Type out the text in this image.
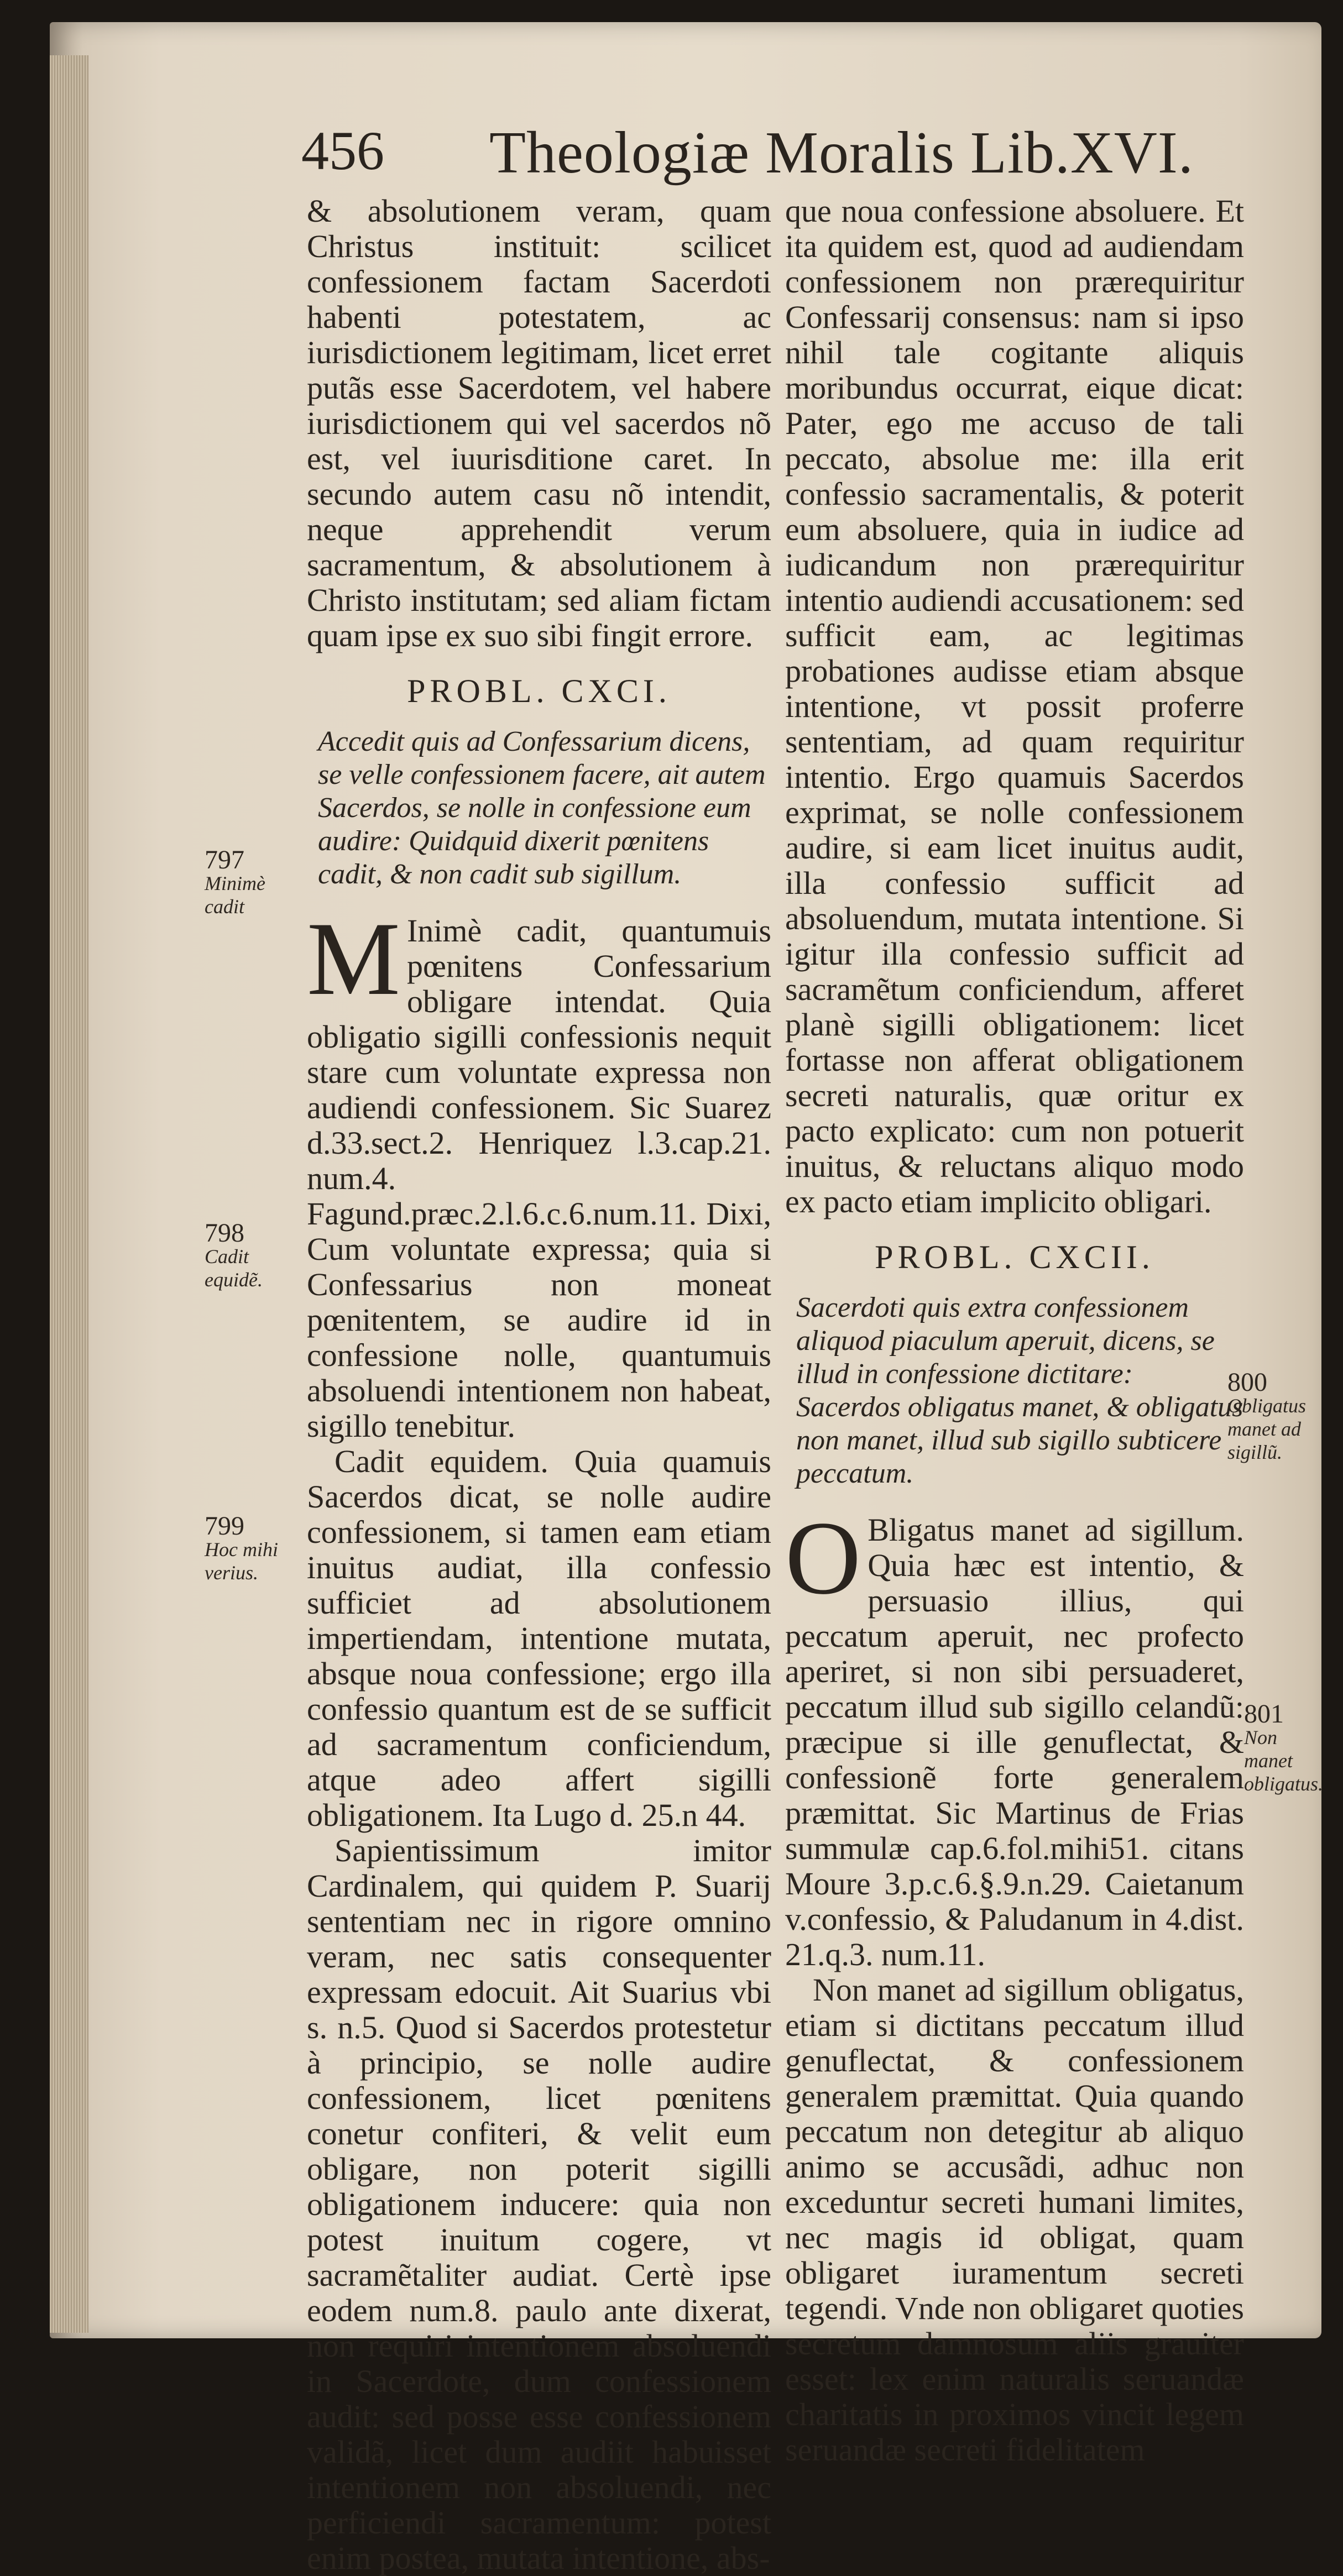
456 Theologiæ Moralis Lib.XVI.

& absolutionem veram, quam Christus instituit: scilicet confessionem factam Sacerdoti habenti potestatem, ac iurisdictionem legitimam, licet erret putãs esse Sacerdotem, vel habere iurisdictionem qui vel sacerdos nõ est, vel iuurisditione caret. In secundo autem casu nõ intendit, neque apprehendit verum sacramentum, & absolutionem à Christo institutam; sed aliam fictam quam ipse ex suo sibi fingit errore.

PROBL. CXCI.

Accedit quis ad Confessarium dicens, se velle confessionem facere, ait autem Sacerdos, se nolle in confessione eum audire: Quidquid dixerit pœnitens cadit, & non cadit sub sigillum.

M Inimè cadit, quantumuis pœnitens Confessarium obligare intendat. Quia obligatio sigilli confessionis nequit stare cum voluntate expressa non audiendi confessionem. Sic Suarez d.33.sect.2. Henriquez l.3.cap.21. num.4. Fagund.præc.2.l.6.c.6.num.11. Dixi, Cum voluntate expressa; quia si Confessarius non moneat pœnitentem, se audire id in confessione nolle, quantumuis absoluendi intentionem non habeat, sigillo tenebitur.

Cadit equidem. Quia quamuis Sacerdos dicat, se nolle audire confessionem, si tamen eam etiam inuitus audiat, illa confessio sufficiet ad absolutionem impertiendam, intentione mutata, absque noua confessione; ergo illa confessio quantum est de se sufficit ad sacramentum conficiendum, atque adeo affert sigilli obligationem. Ita Lugo d. 25.n 44.

Sapientissimum imitor Cardinalem, qui quidem P. Suarij sententiam nec in rigore omnino veram, nec satis consequenter expressam edocuit. Ait Suarius vbi s. n.5. Quod si Sacerdos protestetur à principio, se nolle audire confessionem, licet pœnitens conetur confiteri, & velit eum obligare, non poterit sigilli obligationem inducere: quia non potest inuitum cogere, vt sacramẽtaliter audiat. Certè ipse eodem num.8. paulo ante dixerat, non requiri intentionem absoluendi in Sacerdote, dum confessionem audit: sed posse esse confessionem validã, licet dum audiit habuisset intentionem non absoluendi, nec perficiendi sacramentum: potest enim postea, mutata intentione, abs-

que noua confessione absoluere. Et ita quidem est, quod ad audiendam confessionem non prærequiritur Confessarij consensus: nam si ipso nihil tale cogitante aliquis moribundus occurrat, eique dicat: Pater, ego me accuso de tali peccato, absolue me: illa erit confessio sacramentalis, & poterit eum absoluere, quia in iudice ad iudicandum non prærequiritur intentio audiendi accusationem: sed sufficit eam, ac legitimas probationes audisse etiam absque intentione, vt possit proferre sententiam, ad quam requiritur intentio. Ergo quamuis Sacerdos exprimat, se nolle confessionem audire, si eam licet inuitus audit, illa confessio sufficit ad absoluendum, mutata intentione. Si igitur illa confessio sufficit ad sacramẽtum conficiendum, afferet planè sigilli obligationem: licet fortasse non afferat obligationem secreti naturalis, quæ oritur ex pacto explicato: cum non potuerit inuitus, & reluctans aliquo modo ex pacto etiam implicito obligari.

PROBL. CXCII.

Sacerdoti quis extra confessionem aliquod piaculum aperuit, dicens, se illud in confessione dictitare: Sacerdos obligatus manet, & obligatus non manet, illud sub sigillo subticere peccatum.

O Bligatus manet ad sigillum. Quia hæc est intentio, & persuasio illius, qui peccatum aperuit, nec profecto aperiret, si non sibi persuaderet, peccatum illud sub sigillo celandũ: præcipue si ille genuflectat, & confessionẽ forte generalem præmittat. Sic Martinus de Frias summulæ cap.6.fol.mihi51. citans Moure 3.p.c.6.§.9.n.29. Caietanum v.confessio, & Paludanum in 4.dist. 21.q.3. num.11.

Non manet ad sigillum obligatus, etiam si dictitans peccatum illud genuflectat, & confessionem generalem præmittat. Quia quando peccatum non detegitur ab aliquo animo se accusãdi, adhuc non exceduntur secreti humani limites, nec magis id obligat, quam obligaret iuramentum secreti tegendi. Vnde non obligaret quoties secretum damnosum aliis grauiter esset: lex enim naturalis seruandæ charitatis in proximos vincit legem seruandæ secreti fidelitatem

797
Minimè cadit
798
Cadit equidẽ.
799
Hoc mihi verius.
800
Obligatus manet ad sigillũ.
801
Non manet obligatus.
